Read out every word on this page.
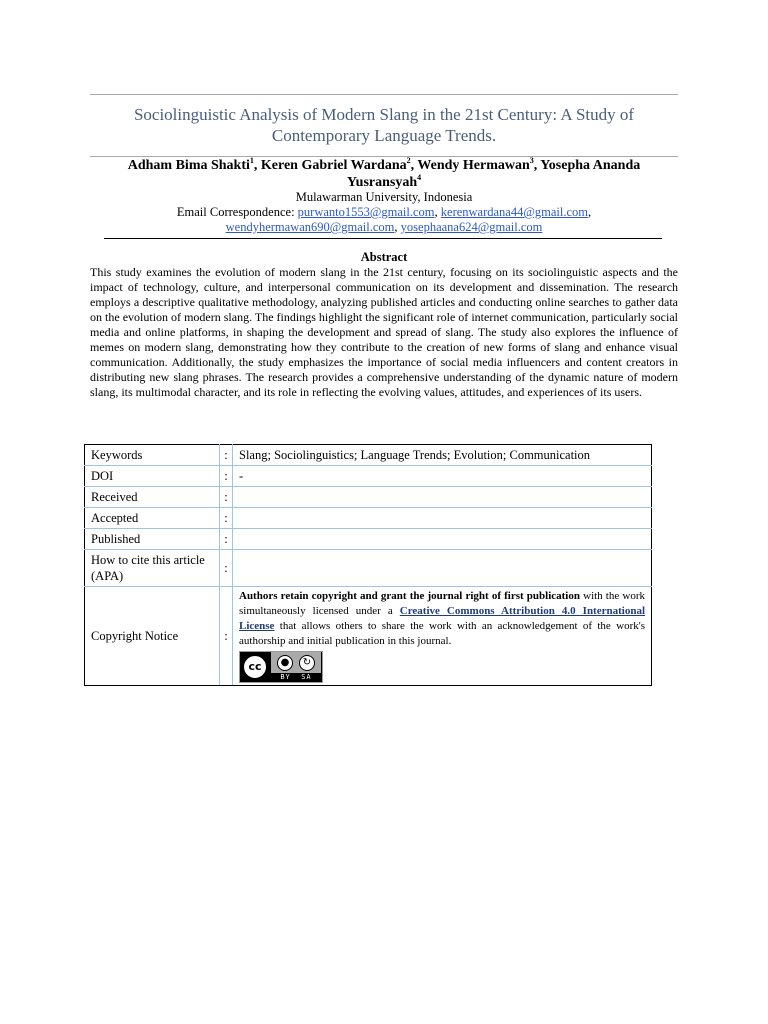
Sociolinguistic Analysis of Modern Slang in the 21st Century: A Study of Contemporary Language Trends.
Adham Bima Shakti$^1$, Keren Gabriel Wardana$^2$, Wendy Hermawan$^3$, Yosepha Ananda Yusransyah$^4$
Mulawarman University, Indonesia
Email Correspondence: purwanto1553@gmail.com, kerenwardana44@gmail.com,
wendyhermawan690@gmail.com, yosephaana624@gmail.com
Abstract
This study examines the evolution of modern slang in the 21st century, focusing on its sociolinguistic aspects and the impact of technology, culture, and interpersonal communication on its development and dissemination. The research employs a descriptive qualitative methodology, analyzing published articles and conducting online searches to gather data on the evolution of modern slang. The findings highlight the significant role of internet communication, particularly social media and online platforms, in shaping the development and spread of slang. The study also explores the influence of memes on modern slang, demonstrating how they contribute to the creation of new forms of slang and enhance visual communication. Additionally, the study emphasizes the importance of social media influencers and content creators in distributing new slang phrases. The research provides a comprehensive understanding of the dynamic nature of modern slang, its multimodal character, and its role in reflecting the evolving values, attitudes, and experiences of its users.
Keywords	:	Slang; Sociolinguistics; Language Trends; Evolution; Communication
DOI	:	-
Received	:	
Accepted	:	
Published	:	
How to cite this article (APA)	:	
Copyright Notice	:	Authors retain copyright and grant the journal right of first publication with the work simultaneously licensed under a Creative Commons Attribution 4.0 International License that allows others to share the work with an acknowledgement of the work's authorship and initial publication in this journal.
cc ● ↻
BY SA
